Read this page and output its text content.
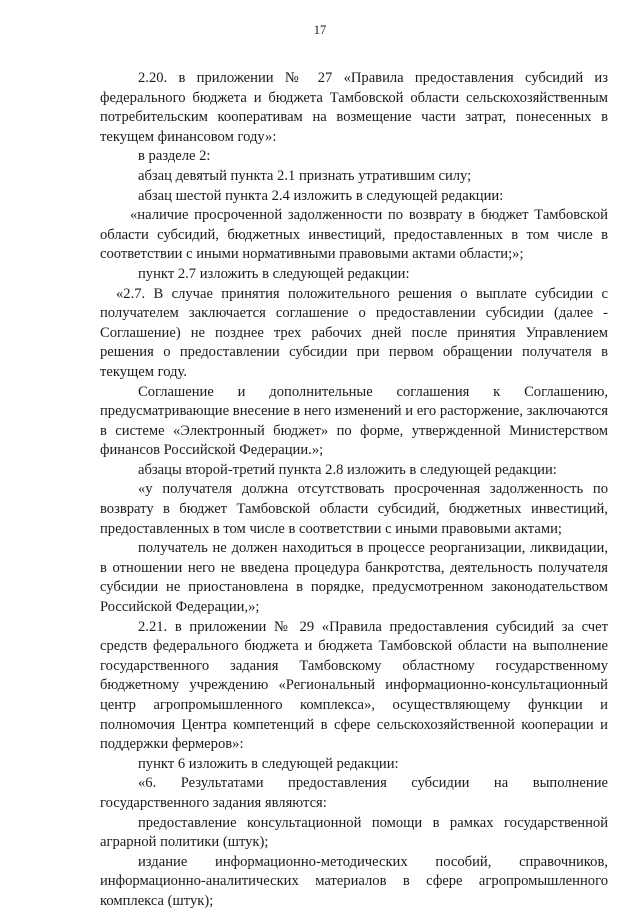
17

2.20. в приложении № 27 «Правила предоставления субсидий из федерального бюджета и бюджета Тамбовской области сельскохозяйственным потребительским кооперативам на возмещение части затрат, понесенных в текущем финансовом году»:

в разделе 2:

абзац девятый пункта 2.1 признать утратившим силу;

абзац шестой пункта 2.4 изложить в следующей редакции:

«наличие просроченной задолженности по возврату в бюджет Тамбовской области субсидий, бюджетных инвестиций, предоставленных в том числе в соответствии с иными нормативными правовыми актами области;»;

пункт 2.7 изложить в следующей редакции:

«2.7. В случае принятия положительного решения о выплате субсидии с получателем заключается соглашение о предоставлении субсидии (далее - Соглашение) не позднее трех рабочих дней после принятия Управлением решения о предоставлении субсидии при первом обращении получателя в текущем году.

Соглашение и дополнительные соглашения к Соглашению, предусматривающие внесение в него изменений и его расторжение, заключаются в системе «Электронный бюджет» по форме, утвержденной Министерством финансов Российской Федерации.»;

абзацы второй-третий пункта 2.8 изложить в следующей редакции:

«у получателя должна отсутствовать просроченная задолженность по возврату в бюджет Тамбовской области субсидий, бюджетных инвестиций, предоставленных в том числе в соответствии с иными правовыми актами;

получатель не должен находиться в процессе реорганизации, ликвидации, в отношении него не введена процедура банкротства, деятельность получателя субсидии не приостановлена в порядке, предусмотренном законодательством Российской Федерации,»;

2.21. в приложении № 29 «Правила предоставления субсидий за счет средств федерального бюджета и бюджета Тамбовской области на выполнение государственного задания Тамбовскому областному государственному бюджетному учреждению «Региональный информационно-консультационный центр агропромышленного комплекса», осуществляющему функции и полномочия Центра компетенций в сфере сельскохозяйственной кооперации и поддержки фермеров»:

пункт 6 изложить в следующей редакции:

«6. Результатами предоставления субсидии на выполнение государственного задания являются:

предоставление консультационной помощи в рамках государственной аграрной политики (штук);

издание информационно-методических пособий, справочников, информационно-аналитических материалов в сфере агропромышленного комплекса (штук);
